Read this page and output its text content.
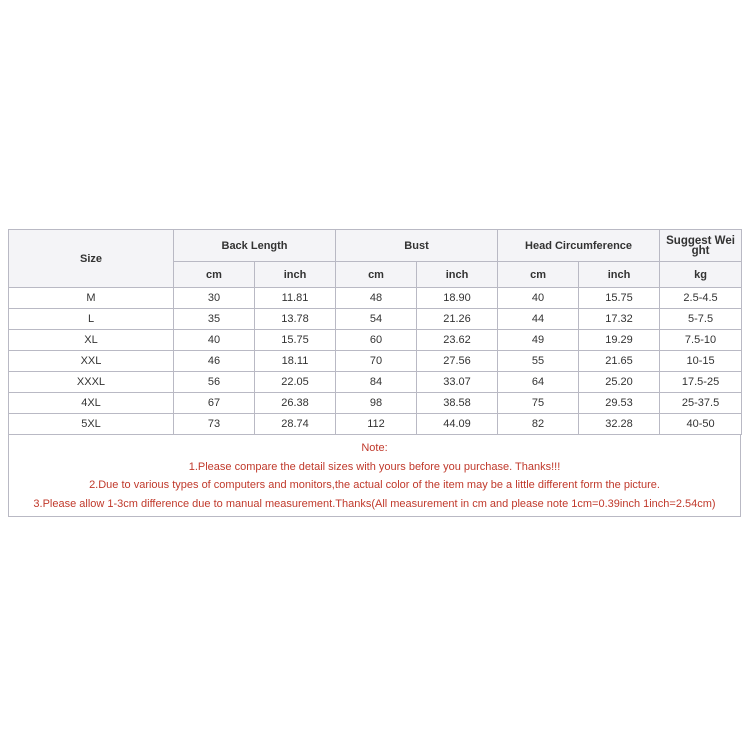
Size	Back Length		Bust		Head Circumference		Suggest Wei ght

	cm	inch	cm	inch	cm	inch	kg
M	30	11.81	48	18.90	40	15.75	2.5-4.5
L	35	13.78	54	21.26	44	17.32	5-7.5
XL	40	15.75	60	23.62	49	19.29	7.5-10
XXL	46	18.11	70	27.56	55	21.65	10-15
XXXL	56	22.05	84	33.07	64	25.20	17.5-25
4XL	67	26.38	98	38.58	75	29.53	25-37.5
5XL	73	28.74	112	44.09	82	32.28	40-50
Note:
1.Please compare the detail sizes with yours before you purchase. Thanks!!!
2.Due to various types of computers and monitors,the actual color of the item may be a little different form the picture.
3.Please allow 1-3cm difference due to manual measurement.Thanks(All measurement in cm and please note 1cm=0.39inch 1inch=2.54cm)
